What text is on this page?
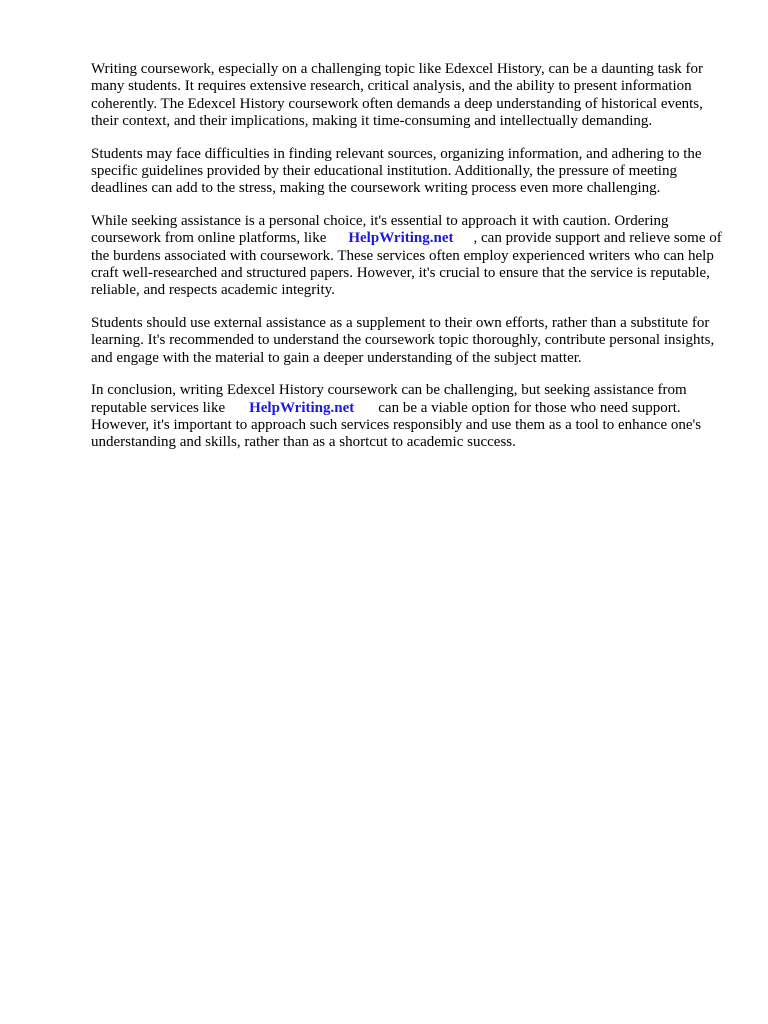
Writing coursework, especially on a challenging topic like Edexcel History, can be a daunting task for many students. It requires extensive research, critical analysis, and the ability to present information coherently. The Edexcel History coursework often demands a deep understanding of historical events, their context, and their implications, making it time-consuming and intellectually demanding.

Students may face difficulties in finding relevant sources, organizing information, and adhering to the specific guidelines provided by their educational institution. Additionally, the pressure of meeting deadlines can add to the stress, making the coursework writing process even more challenging.

While seeking assistance is a personal choice, it's essential to approach it with caution. Ordering coursework from online platforms, like HelpWriting.net , can provide support and relieve some of the burdens associated with coursework. These services often employ experienced writers who can help craft well-researched and structured papers. However, it's crucial to ensure that the service is reputable, reliable, and respects academic integrity.

Students should use external assistance as a supplement to their own efforts, rather than a substitute for learning. It's recommended to understand the coursework topic thoroughly, contribute personal insights, and engage with the material to gain a deeper understanding of the subject matter.

In conclusion, writing Edexcel History coursework can be challenging, but seeking assistance from reputable services like HelpWriting.net can be a viable option for those who need support. However, it's important to approach such services responsibly and use them as a tool to enhance one's understanding and skills, rather than as a shortcut to academic success.
